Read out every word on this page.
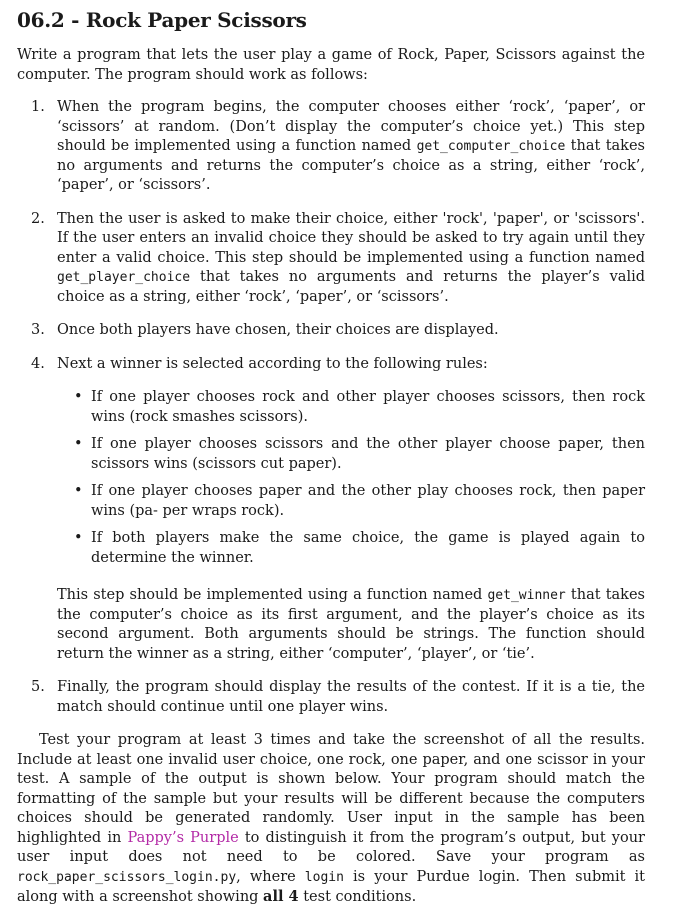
06.2 - Rock Paper Scissors

Write a program that lets the user play a game of Rock, Paper, Scissors against the computer. The program should work as follows:

1. When the program begins, the computer chooses either ‘rock’, ‘paper’, or ‘scissors’ at random. (Don’t display the computer’s choice yet.) This step should be implemented using a function named get_computer_choice that takes no arguments and returns the computer’s choice as a string, either ‘rock’, ‘paper’, or ‘scissors’.

2. Then the user is asked to make their choice, either 'rock', 'paper', or 'scissors'. If the user enters an invalid choice they should be asked to try again until they enter a valid choice. This step should be implemented using a function named get_player_choice that takes no arguments and returns the player’s valid choice as a string, either ‘rock’, ‘paper’, or ‘scissors’.

3. Once both players have chosen, their choices are displayed.

4. Next a winner is selected according to the following rules:

• If one player chooses rock and other player chooses scissors, then rock wins (rock smashes scissors).

• If one player chooses scissors and the other player choose paper, then scissors wins (scissors cut paper).

• If one player chooses paper and the other play chooses rock, then paper wins (pa- per wraps rock).

• If both players make the same choice, the game is played again to determine the winner.

This step should be implemented using a function named get_winner that takes the computer’s choice as its first argument, and the player’s choice as its second argument. Both arguments should be strings. The function should return the winner as a string, either ‘computer’, ‘player’, or ‘tie’.

5. Finally, the program should display the results of the contest. If it is a tie, the match should continue until one player wins.

Test your program at least 3 times and take the screenshot of all the results. Include at least one invalid user choice, one rock, one paper, and one scissor in your test. A sample of the output is shown below. Your program should match the formatting of the sample but your results will be different because the computers choices should be generated randomly. User input in the sample has been highlighted in Pappy’s Purple to distinguish it from the program’s output, but your user input does not need to be colored. Save your program as rock_paper_scissors_login.py, where login is your Purdue login. Then submit it along with a screenshot showing all 4 test conditions.
